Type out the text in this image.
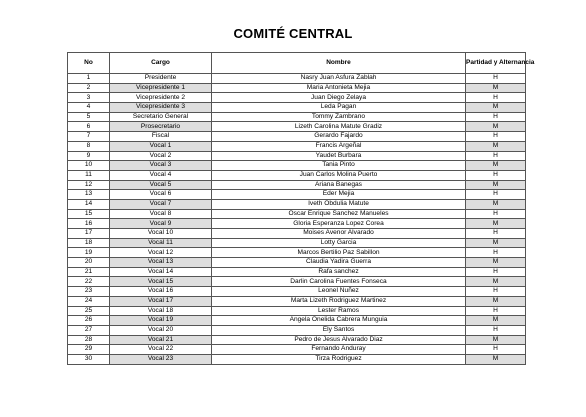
COMITÉ CENTRAL
No	Cargo	Nombre	Partidad y Alternancia
1	Presidente	Nasry Juan Asfura Zablah	H
2	Vicepresidente 1	Maria Antonieta Mejia	M
3	Vicepresidente 2	Juan Diego Zelaya	H
4	Vicepresidente 3	Leda Pagan	M
5	Secretario General	Tommy Zambrano	H
6	Prosecretario	Lizeth Carolina Matute Gradiz	M
7	Fiscal	Gerardo Fajardo	H
8	Vocal 1	Francis Argeñal	M
9	Vocal 2	Yaudet Burbara	H
10	Vocal 3	Tania Pinto	M
11	Vocal 4	Juan Carlos Molina Puerto	H
12	Vocal 5	Ariana Banegas	M
13	Vocal 6	Eder Mejia	H
14	Vocal 7	Iveth Obdulia Matute	M
15	Vocal 8	Oscar Enrique Sanchez Manueles	H
16	Vocal 9	Gloria Esperanza Lopez Corea	M
17	Vocal 10	Moises Avenor Alvarado	H
18	Vocal 11	Lotty Garcia	M
19	Vocal 12	Marcos Bertilio Paz Sabillon	H
20	Vocal 13	Claudia Yadira Guerra	M
21	Vocal 14	Rafa sanchez	H
22	Vocal 15	Darlin Carolina Fuentes Fonseca	M
23	Vocal 16	Leonel Nuñez	H
24	Vocal 17	Marta Lizeth Rodriguez Martinez	M
25	Vocal 18	Lester Ramos	H
26	Vocal 19	Angela Onelida Cabrera Munguia	M
27	Vocal 20	Ely Santos	H
28	Vocal 21	Pedro de Jesus Alvarado Diaz	M
29	Vocal 22	Fernando Anduray	H
30	Vocal 23	Tirza Rodriguez	M
